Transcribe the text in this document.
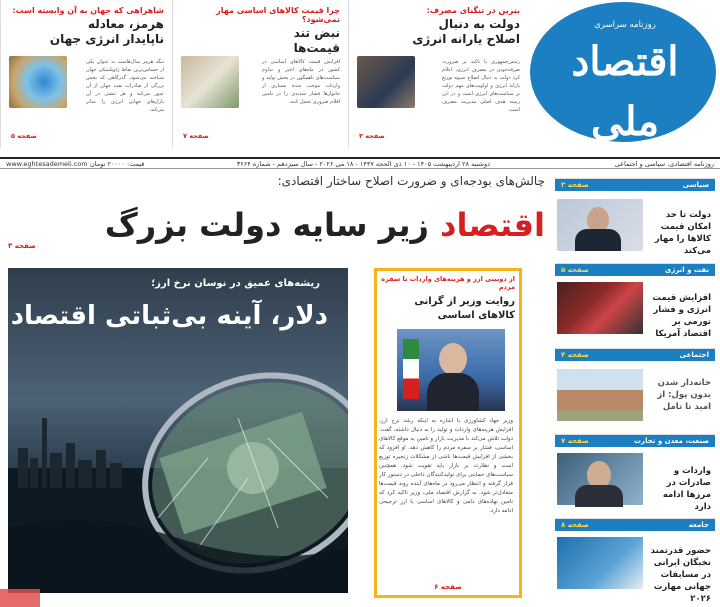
روزنامه سراسری
اقتصاد ملی
بنزین در تنگنای مصرف:
دولت به دنبال
اصلاح یارانه انرژی
رئیس‌جمهوری با تاکید بر ضرورت صرفه‌جویی در مصرف انرژی، اعلام کرد دولت به دنبال اصلاح شیوه توزیع یارانه انرژی و اولویت‌های مهم دولت بر سیاست‌های انرژی است و در این زمینه هدف اصلی مدیریت مصرف است.
صفحه ۳
چرا قیمت کالاهای اساسی مهار نمی‌شود؟
نبض تند
قیمت‌ها
افزایش قیمت کالاهای اساسی در کشور در ماه‌های اخیر و تداوم سیاست‌های ناهمگون در بخش تولید و واردات موجب شده بسیاری از خانوارها فشار شدیدی را در تامین اقلام ضروری تحمل کنند.
صفحه ۷
شاهراهی که جهان به آن وابسته است:
هرمز، معادله
ناپایدار انرژی جهان
تنگه هرمز سال‌هاست به عنوان یکی از حساس‌ترین نقاط ژئوپلیتیکی جهان شناخته می‌شود، گذرگاهی که بخش بزرگی از صادرات نفت جهان از آن عبور می‌کند و هر تنشی در آن بازارهای جهانی انرژی را متاثر می‌کند.
صفحه ۵
روزنامه اقتصادی، سیاسی و اجتماعی
دوشنبه ۲۸ اردیبهشت ۱۴۰۵ - ۱۰ ذی الحجه ۱۴۴۷ - ۱۸ می ۲۰۲۶ - سال سیزدهم - شماره ۳۶۶۴
قیمت: ۲۰۰۰۰ تومان
www.eghtesademeli.com
چالش‌های بودجه‌ای و ضرورت اصلاح ساختار اقتصادی:
اقتصاد زیر سایه دولت بزرگ
صفحه ۳
ریشه‌های عمیق در نوسان نرخ ارز؛
دلار، آینه بی‌ثباتی اقتصاد
از دوبینی ارز و هزینه‌های واردات تا سفره مردم
روایت وزیر از گرانی
کالاهای اساسی
وزیر جهاد کشاورزی با اشاره به اینکه رشد نرخ ارز، افزایش هزینه‌های واردات و تولید را به دنبال داشته، گفت: دولت تلاش می‌کند با مدیریت بازار و تامین به موقع کالاهای اساسی، فشار بر سفره مردم را کاهش دهد. او افزود که بخشی از افزایش قیمت‌ها ناشی از مشکلات زنجیره توزیع است و نظارت بر بازار باید تقویت شود. همچنین سیاست‌های حمایتی برای تولیدکنندگان داخلی در دستور کار قرار گرفته و انتظار می‌رود در ماه‌های آینده روند قیمت‌ها متعادل‌تر شود. به گزارش اقتصاد ملی، وزیر تاکید کرد که تامین نهاده‌های دامی و کالاهای اساسی با ارز ترجیحی ادامه دارد.
صفحه ۶
سیاسی
صفحه ۳
دولت تا حد امکان قیمت کالاها را مهار می‌کند
نفت و انرژی
صفحه ۵
افزایش قیمت انرژی و فشار تورمی بر اقتصاد آمریکا
اجتماعی
صفحه ۴
خانه‌دار شدن بدون پول: از امید تا تامل
صنعت، معدن و تجارت
صفحه ۷
واردات و صادرات در مرزها ادامه دارد
جامعه
صفحه ۸
حضور قدرتمند نخبگان ایرانی در مسابقات جهانی مهارت ۲۰۲۶
